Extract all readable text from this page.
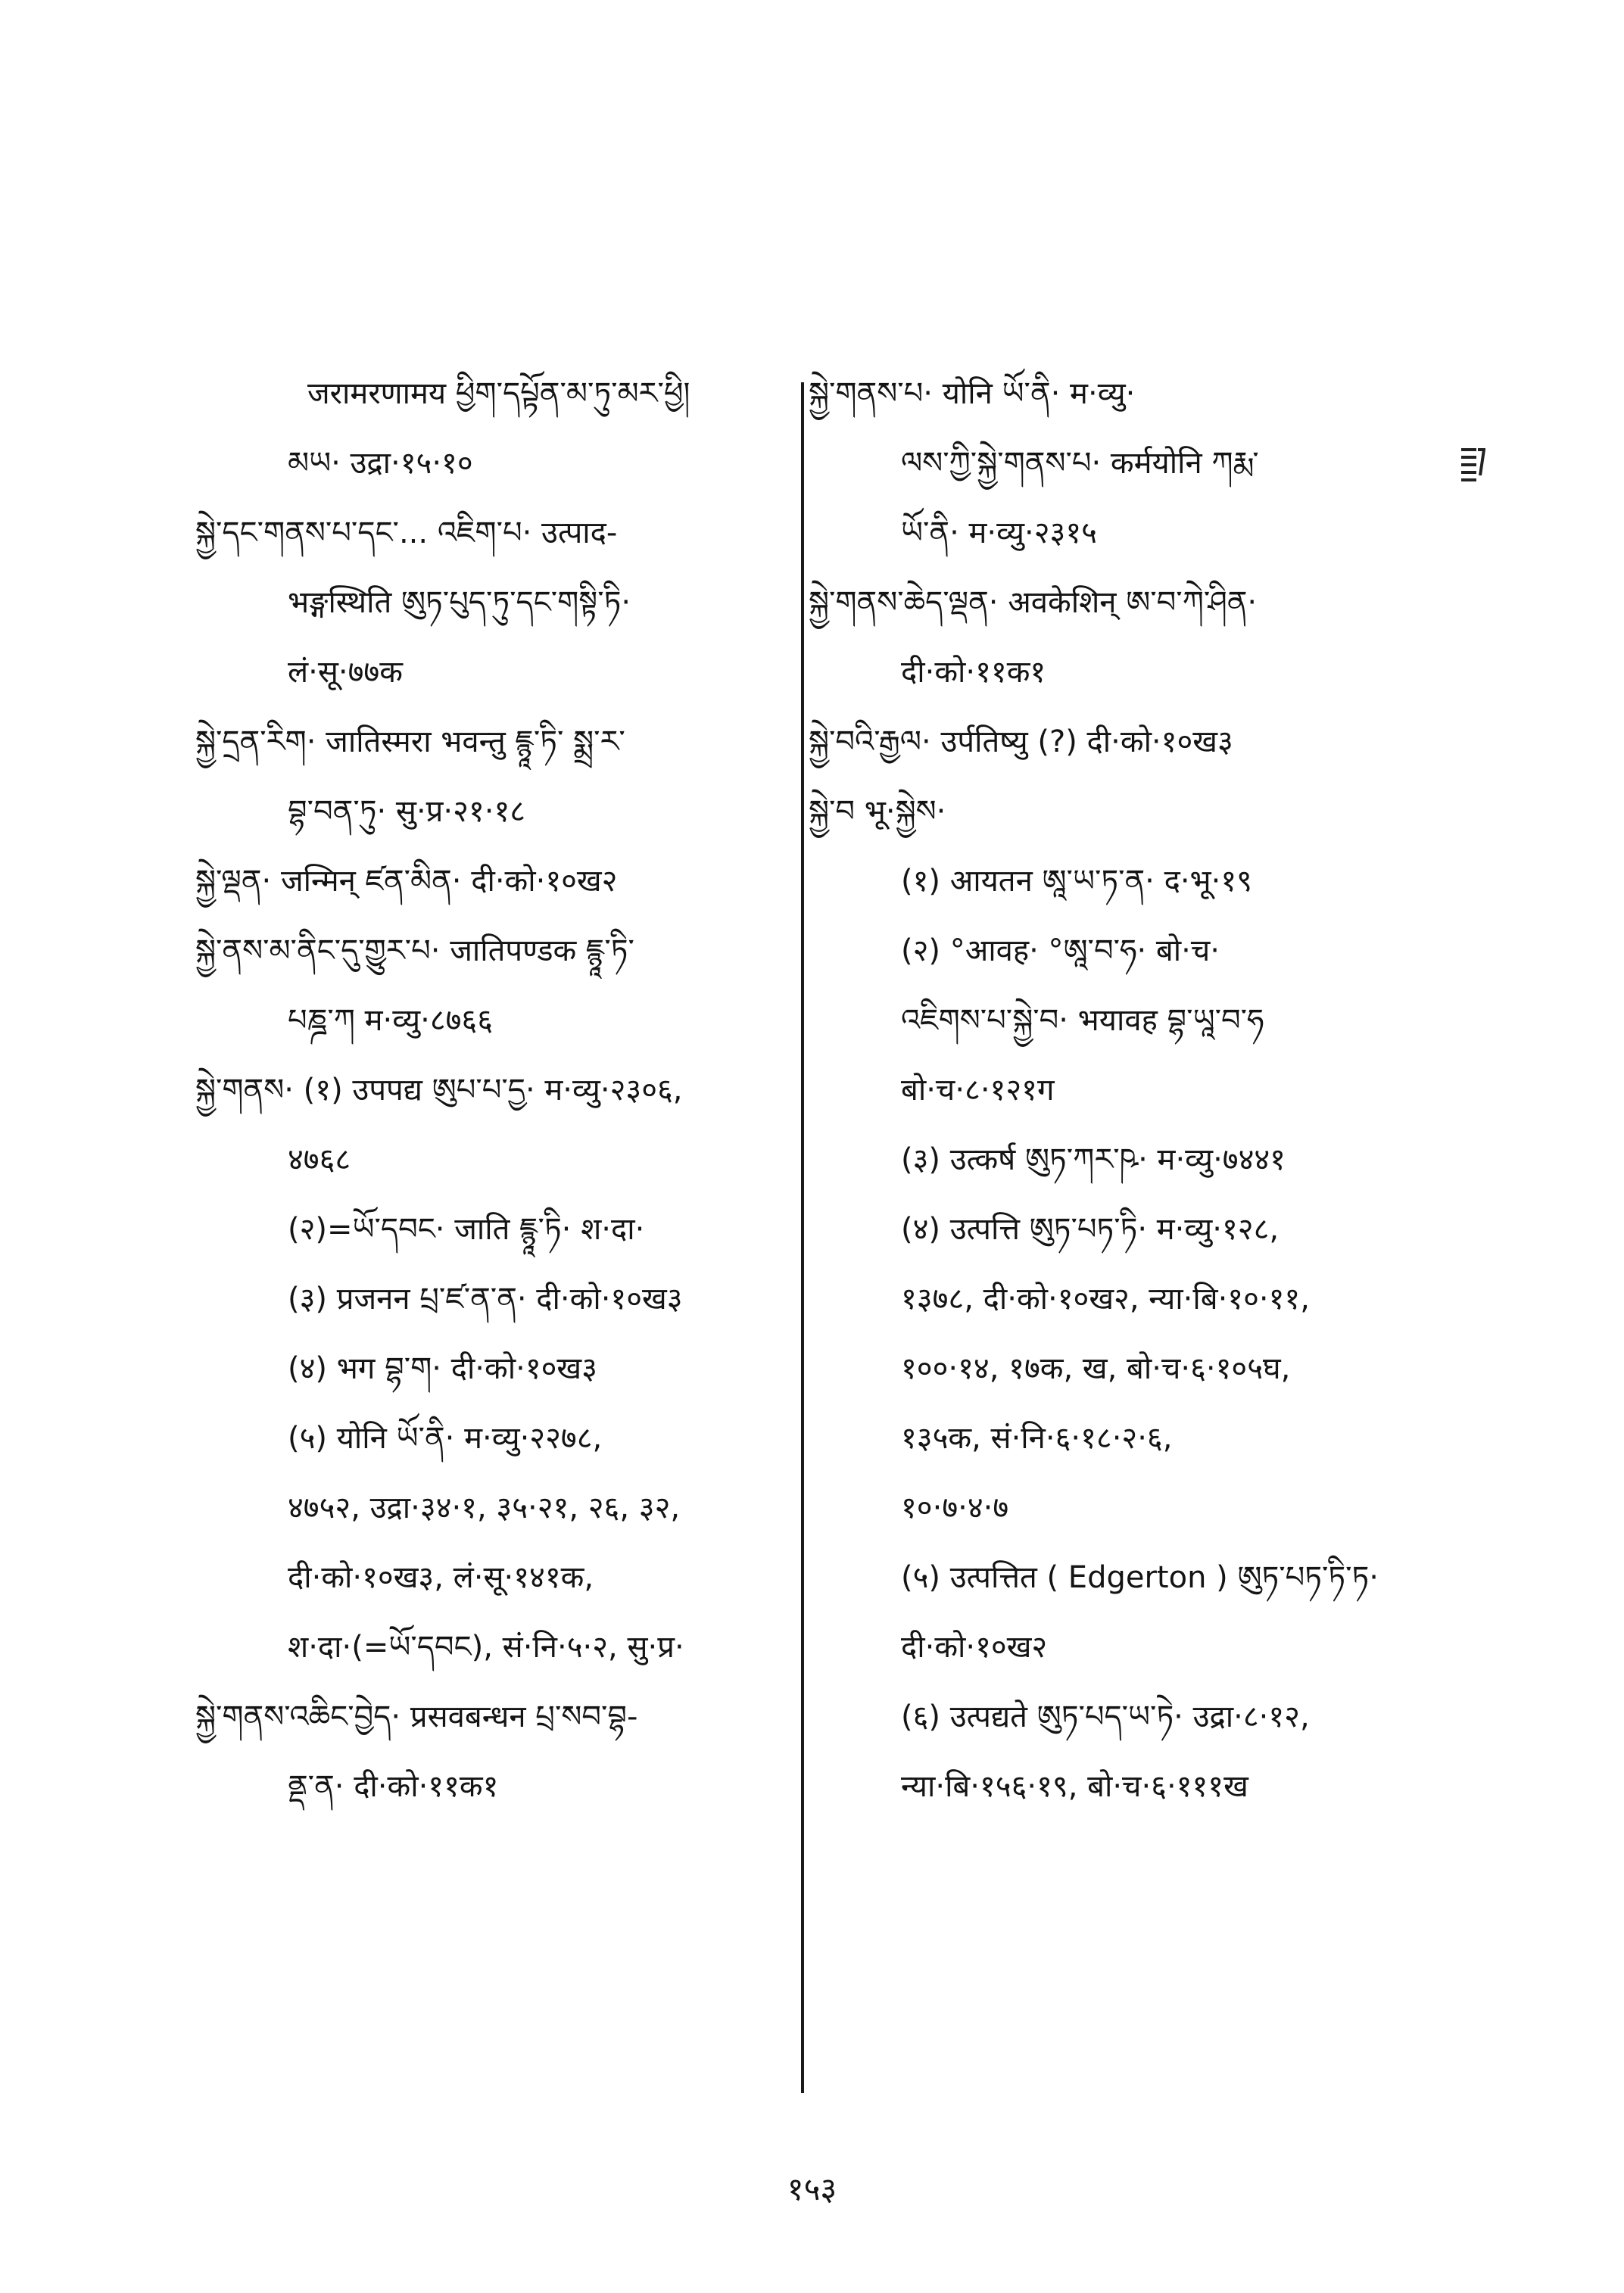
जरामरणामय ཕྱིག་དཔྟོན་མ་ཏུ་མར་ཕྱི།
མཡ· उद्रा·१५·१०
སྐྱེ་དང་གནས་པ་དང་... འཇིག་པ· उत्पाद-
भङ्गस्थिति ཨུཏ་པུད་ཏུ་དང་གསྟི་ཏི·
लं·सू·७७क
སྐྱེ་དྲན་རིག· जातिस्मरा भवन्तु ཇྙཱ་ཏི་ སྨྲ་ར་
བྷ་བན་ཏུ· सु·प्र·२१·१८
སྐྱེ་ལྡན· जन्मिन् ཛན་མིན· दी·को·१०ख२
སྐྱེ་ནས་མ་ནིང་དུ་གྱུར་པ· जातिपण्डक ཇྙཱ་ཏི་
པཎྜ་ཀ म·व्यु·८७६६
སྐྱེ་གནས· (१) उपपद्य ཨུཔ་པ་དྱ· म·व्यु·२३०६,
४७६८
(२)=ཡོ་དབང· जाति ཇྙཱ་ཏི· श·दा·
(३) प्रजनन པྲ་ཛ་ན་ན· दी·को·१०ख३
(४) भग བྷ་ག· दी·को·१०ख३
(५) योनि ཡོ་ནི· म·व्यु·२२७८,
४७५२, उद्रा·३४·१, ३५·२१, २६, ३२,
दी·को·१०ख३, लं·सू·१४१क,
श·दा·(=ཡོ་དབང), सं·नि·५·२, सु·प्र·
སྐྱེ་གནས་འཆིང་བྱེད· प्रसवबन्धन པྲ་སབ་བྷ-
ནྡ་ན· दी·को·११क१
སྐྱེ་གནས་པ· योनि ཡོ་ནི· म·व्यु·
ལས་ཀྱི་སྐྱེ་གནས་པ· कर्मयोनि ཀརྨ་
ཡོ་ནི· म·व्यु·२३१५
སྐྱེ་གནས་ཆེད་ལྡན· अवकेशिन् ཨ་བ་ཀེ་ཤིན·
दी·को·११क१
སྐྱེ་བའི་རྒྱལ· उर्पतिष्यु (?) दी·को·१०ख३
སྐྱེ་བ भू·སྐྱེས·
(१) आयतन ཨཱ་ཡ་ཏ་ན· द·भू·१९
(२) °आवह· °ཨཱ་བ་ཧ· बो·च·
འཇིགས་པ་སྐྱེ་བ· भयावह བྷ་ཡཱ་བ་ཧ
बो·च·८·१२१ग
(३) उत्कर्ष ཨུཏ་ཀར་ཥ· म·व्यु·७४४१
(४) उत्पत्ति ཨུཏ་པཏ་ཏི· म·व्यु·१२८,
१३७८, दी·को·१०ख२, न्या·बि·१०·११,
१००·१४, १७क, ख, बो·च·६·१०५घ,
१३५क, सं·नि·६·१८·२·६,
१०·७·४·७
(५) उत्पत्तित ( Edgerton ) ཨུཏ་པཏ་ཏི་ཏ·
दी·को·१०ख२
(६) उत्पद्यते ཨུཏ་པད་ཡ་ཏེ· उद्रा·८·१२,
न्या·बि·१५६·१९, बो·च·६·१११ख
१५३
